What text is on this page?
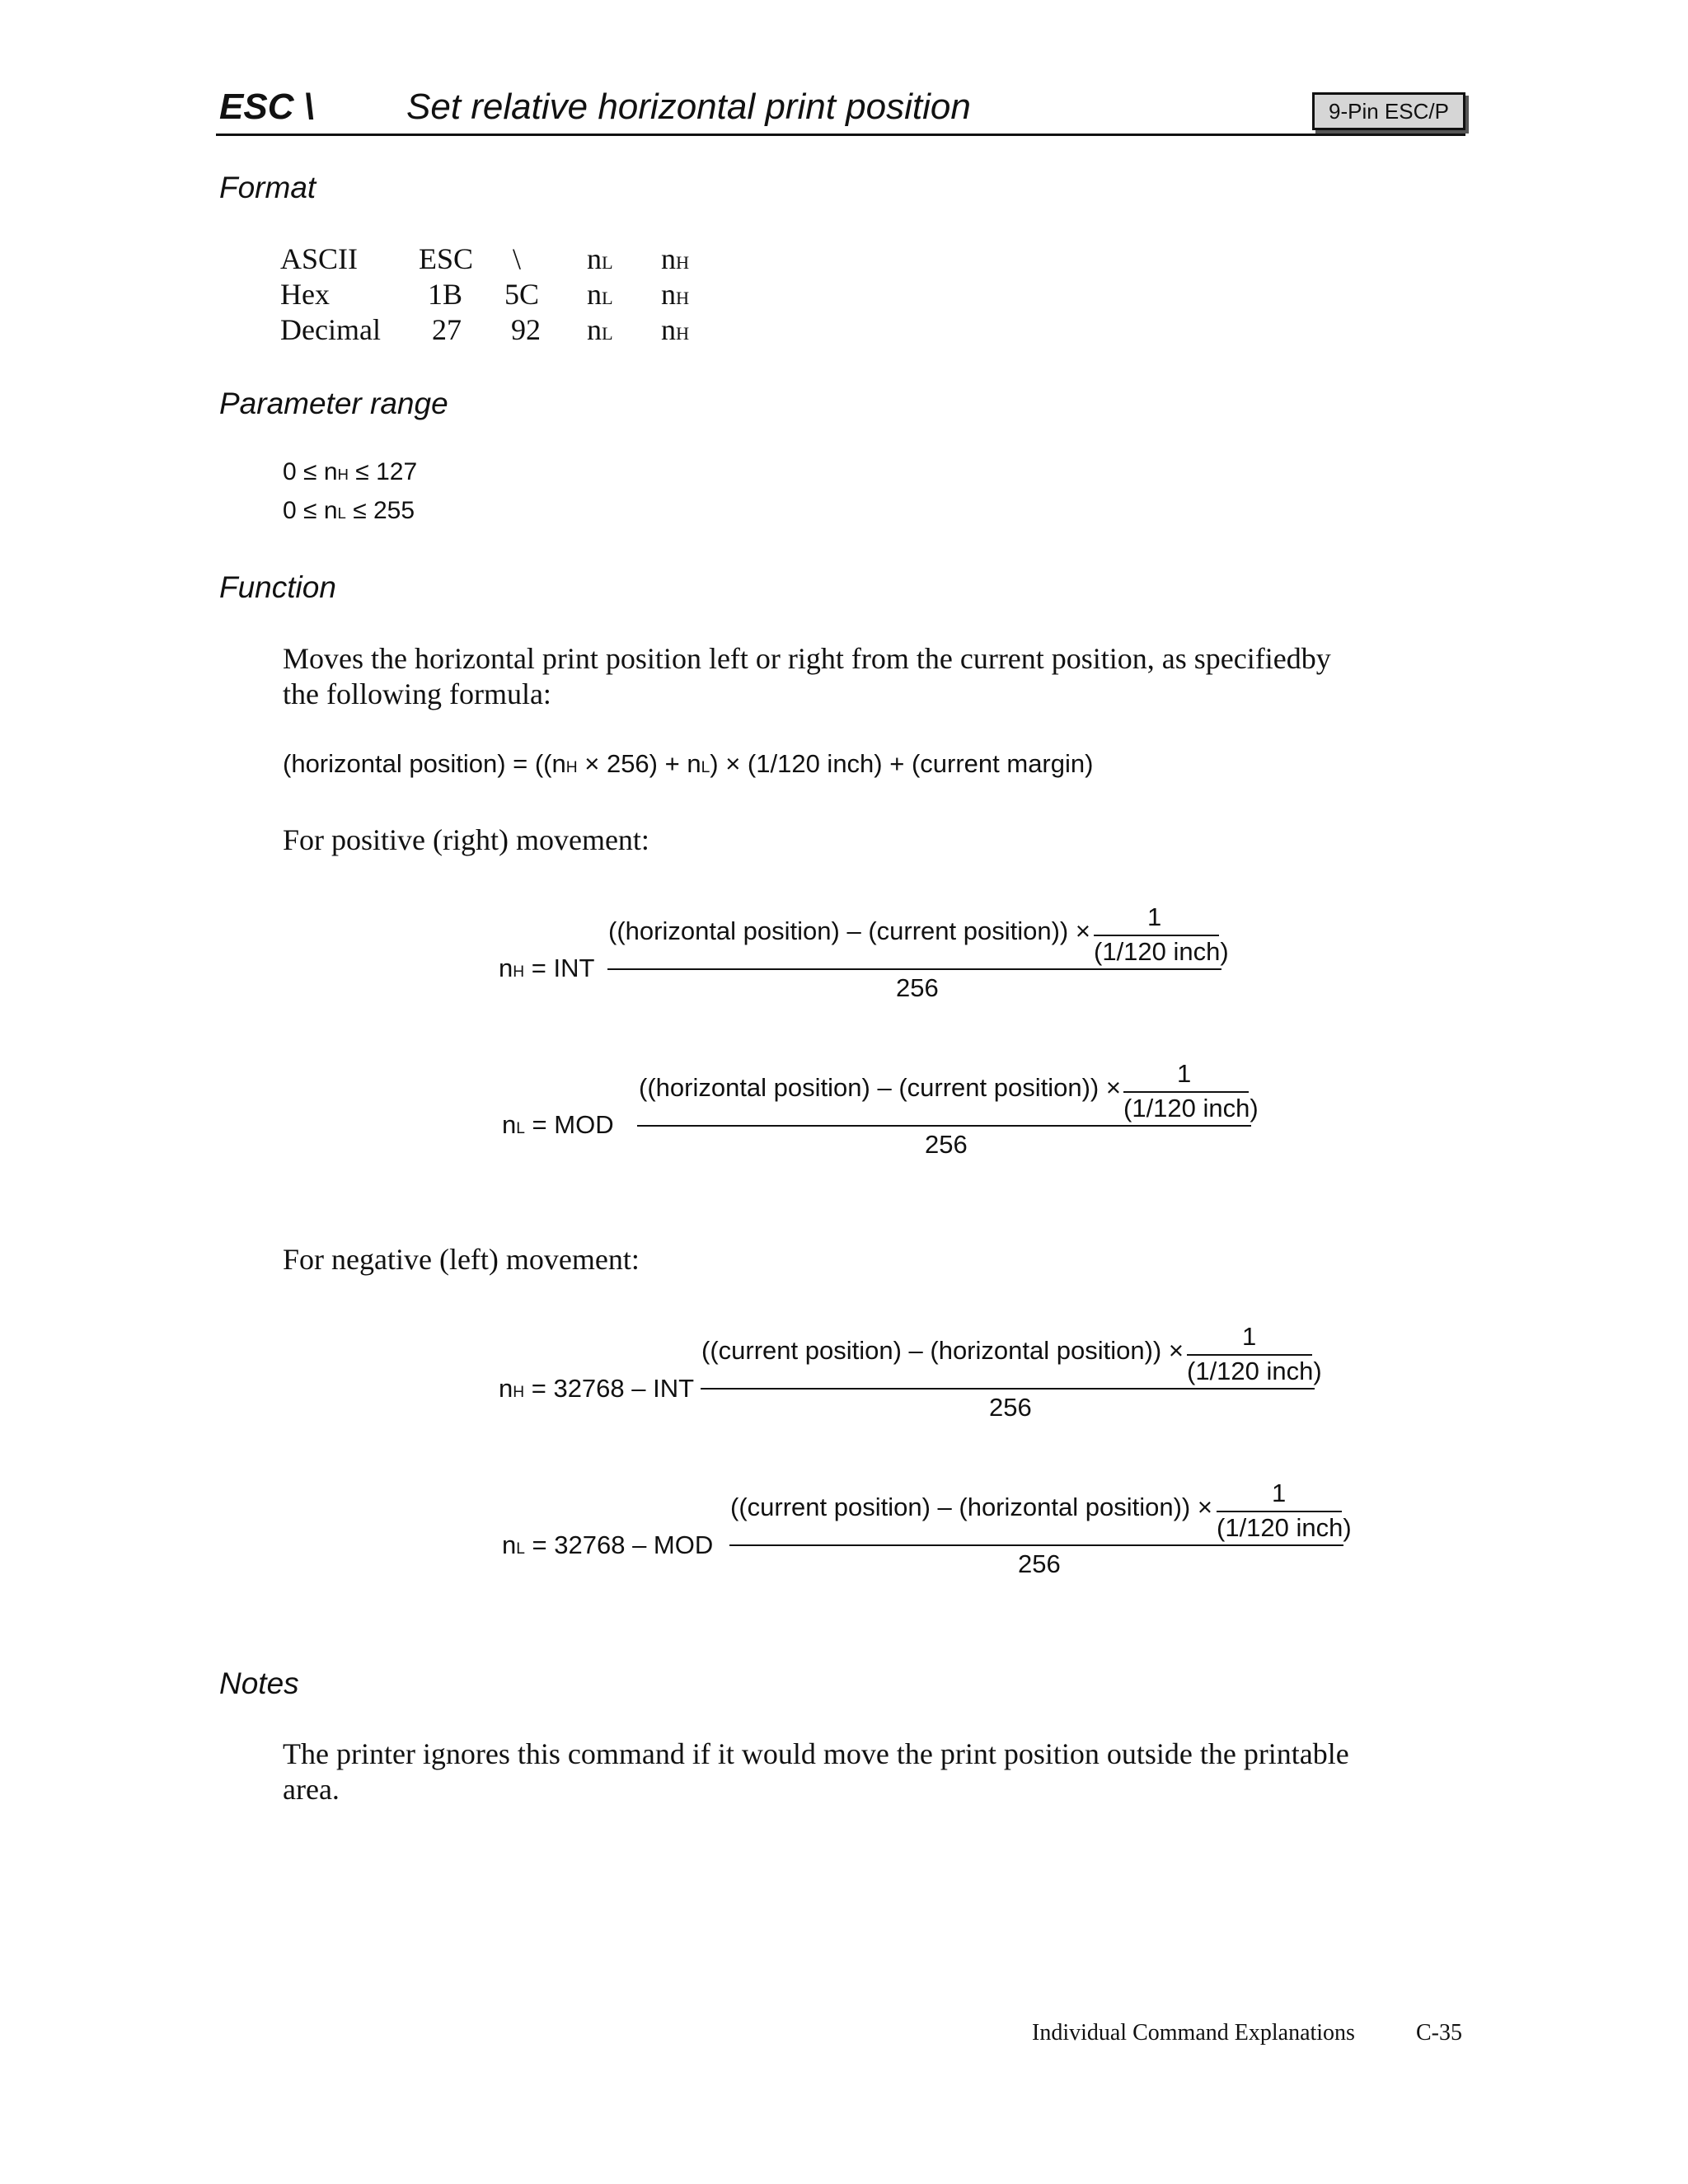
ESC \	Set relative horizontal print position	9-Pin ESC/P
Format
ASCII ESC \ nL nH
Hex	1B 5C nL nH
Decimal 27 92 nL nH
Parameter range
0 ≤ nH ≤ 127
0 ≤ nL ≤ 255
Function
Moves the horizontal print position left or right from the current position, as specifiedby
the following formula:
(horizontal position) = ((nH × 256) + nL) × (1/120 inch) + (current margin)
For positive (right) movement:
nH = INT
((horizontal position) – (current position)) × 1
(1/120 inch)
256
nL = MOD
((horizontal position) – (current position)) × 1
(1/120 inch)
256
For negative (left) movement:
nH = 32768 – INT
((current position) – (horizontal position)) × 1
(1/120 inch)
256
nL = 32768 – MOD
((current position) – (horizontal position)) × 1
(1/120 inch)
256
Notes
The printer ignores this command if it would move the print position outside the printable
area.
Individual Command Explanations	C-35
